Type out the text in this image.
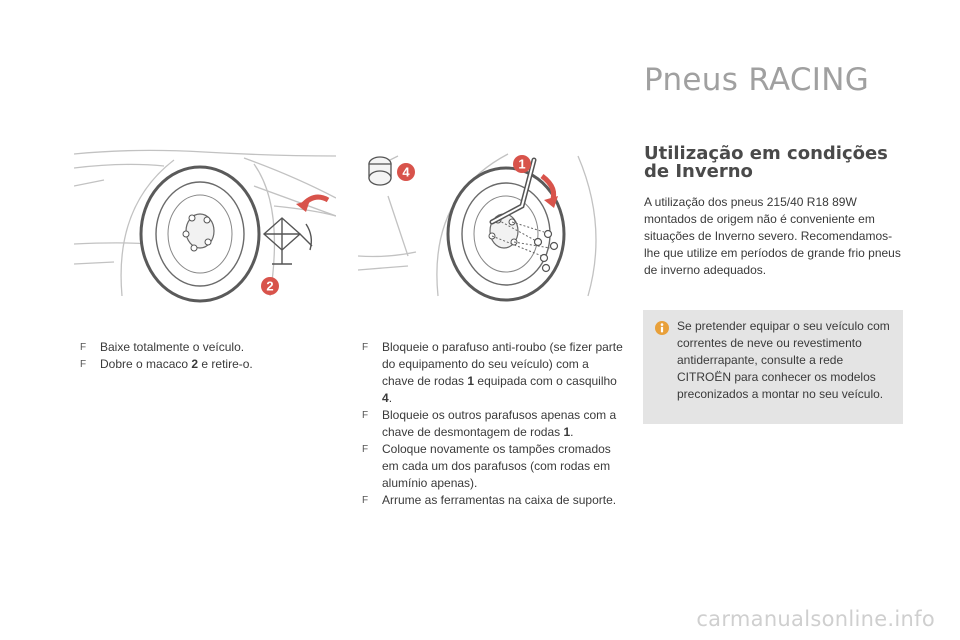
Pneus RACING
2
1
4
F Baixe totalmente o veículo.
F Dobre o macaco 2 e retire-o.
F Bloqueie o parafuso anti-roubo (se fizer parte do equipamento do seu veículo) com a chave de rodas 1 equipada com o casquilho 4.
F Bloqueie os outros parafusos apenas com a chave de desmontagem de rodas 1.
F Coloque novamente os tampões cromados em cada um dos parafusos (com rodas em alumínio apenas).
F Arrume as ferramentas na caixa de suporte.
Utilização em condições de Inverno

A utilização dos pneus 215/40 R18 89W montados de origem não é conveniente em situações de Inverno severo. Recomendamos-lhe que utilize em períodos de grande frio pneus de inverno adequados.

Se pretender equipar o seu veículo com correntes de neve ou revestimento antiderrapante, consulte a rede CITROËN para conhecer os modelos preconizados a montar no seu veículo.
carmanualsonline.info
